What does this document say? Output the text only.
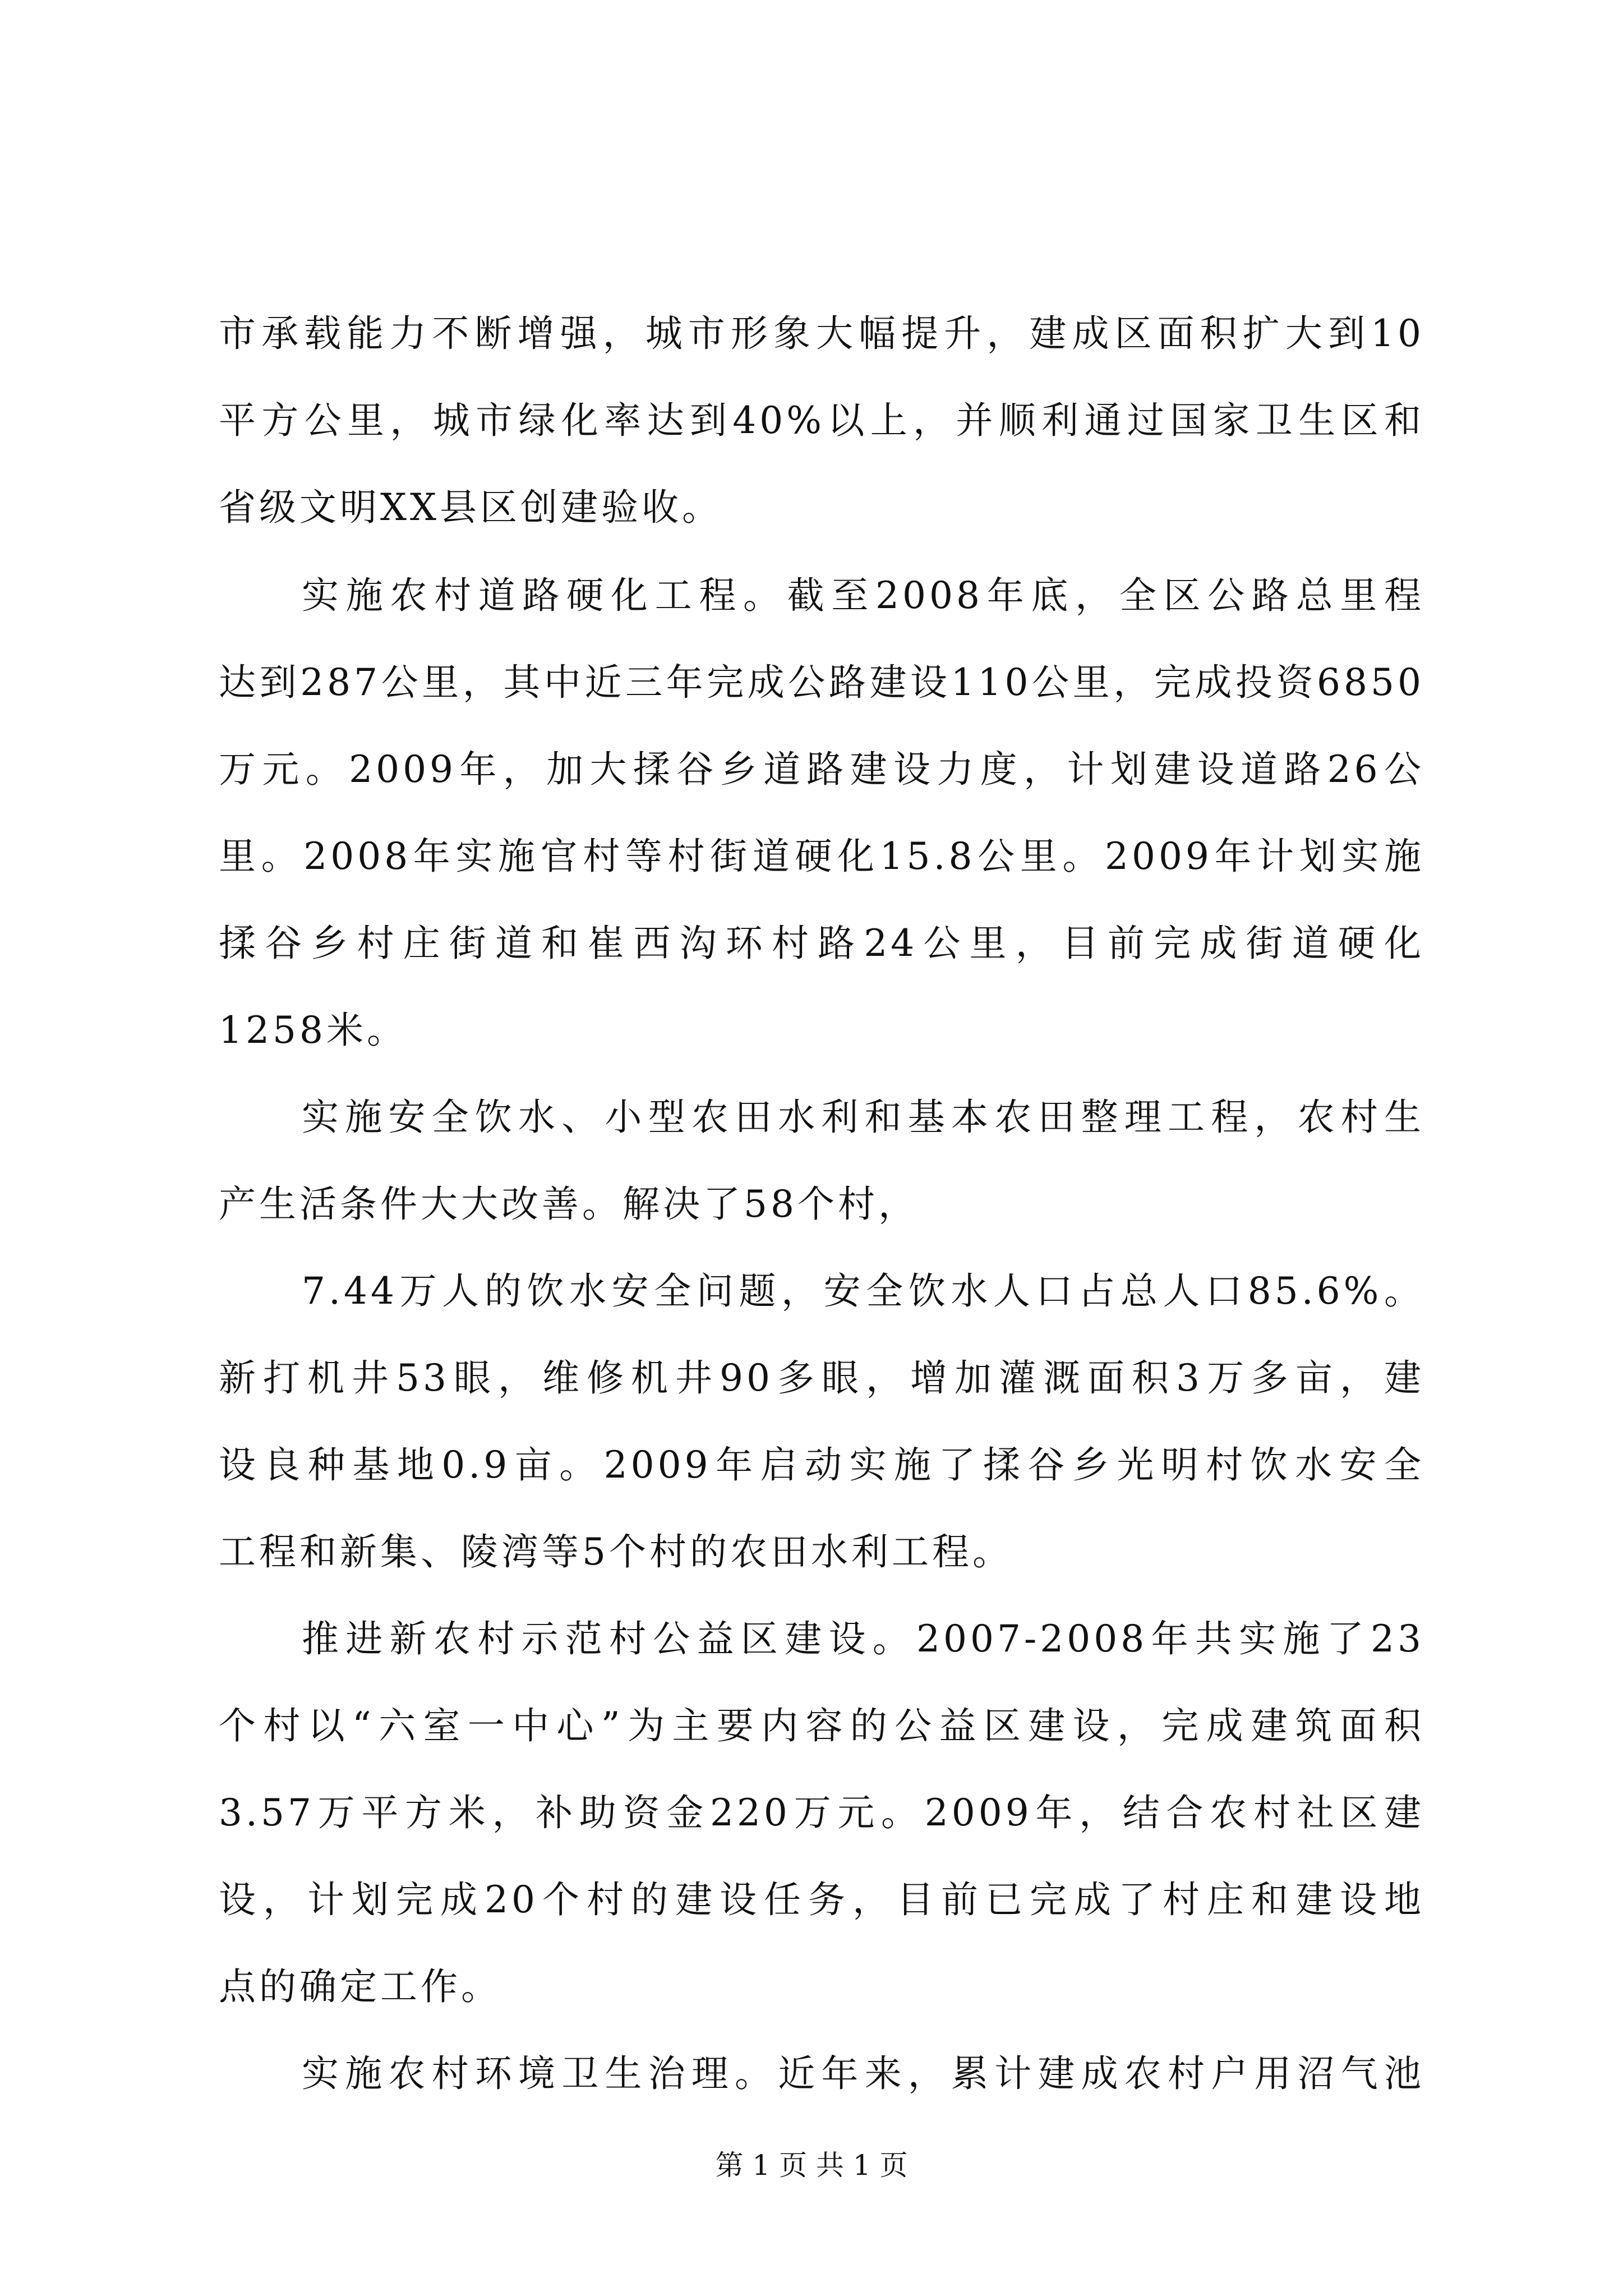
市承载能力不断增强，城市形象大幅提升，建成区面积扩大到10
平方公里，城市绿化率达到40%以上，并顺利通过国家卫生区和
省级文明XX县区创建验收。
实施农村道路硬化工程。截至2008年底，全区公路总里程
达到287公里，其中近三年完成公路建设110公里，完成投资6850
万元。2009年，加大揉谷乡道路建设力度，计划建设道路26公
里。2008年实施官村等村街道硬化15.8公里。2009年计划实施
揉谷乡村庄街道和崔西沟环村路24公里，目前完成街道硬化
1258米。
实施安全饮水、小型农田水利和基本农田整理工程，农村生
产生活条件大大改善。解决了58个村，
7.44万人的饮水安全问题，安全饮水人口占总人口85.6%。
新打机井53眼，维修机井90多眼，增加灌溉面积3万多亩，建
设良种基地0.9亩。2009年启动实施了揉谷乡光明村饮水安全
工程和新集、陵湾等5个村的农田水利工程。
推进新农村示范村公益区建设。2007-2008年共实施了23
个村以“六室一中心”为主要内容的公益区建设，完成建筑面积
3.57万平方米，补助资金220万元。2009年，结合农村社区建
设，计划完成20个村的建设任务，目前已完成了村庄和建设地
点的确定工作。
实施农村环境卫生治理。近年来，累计建成农村户用沼气池
第 1 页 共 1 页
